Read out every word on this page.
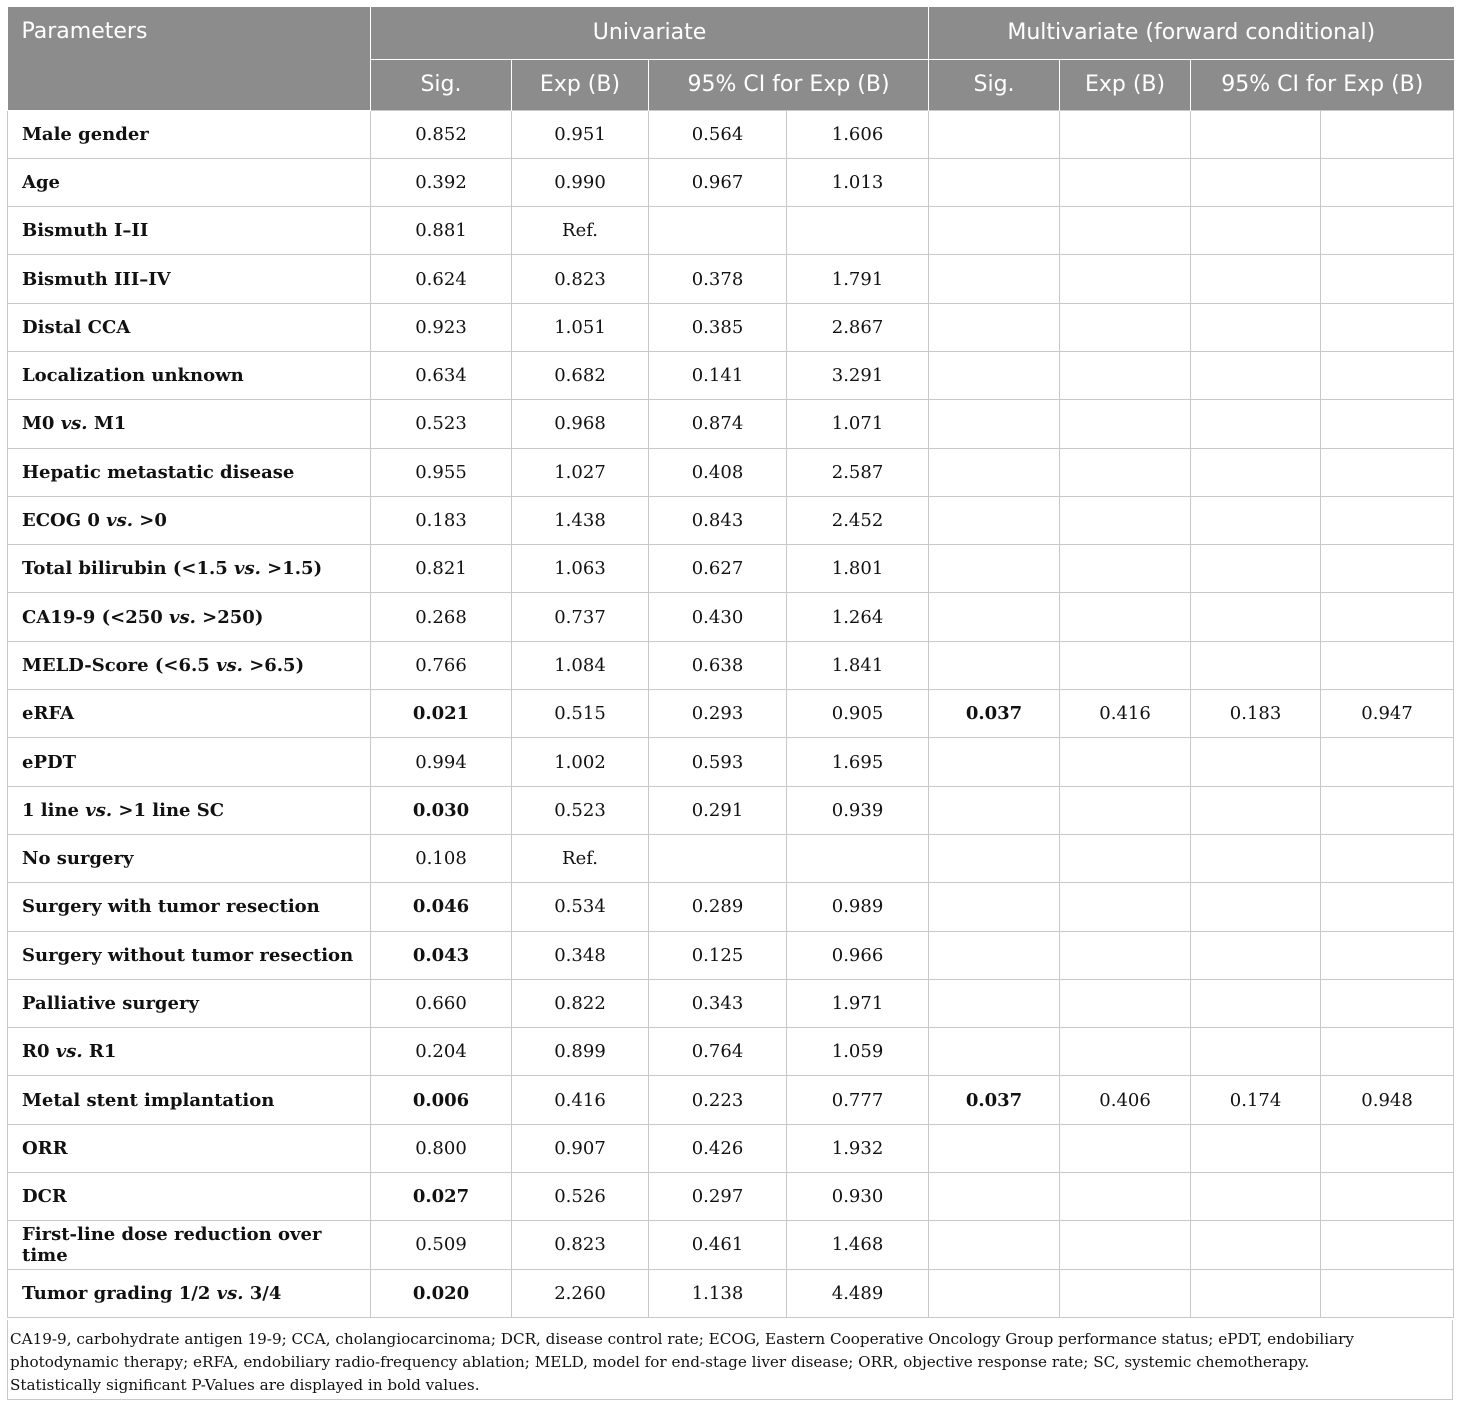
Parameters	Univariate				Multivariate (forward conditional)			
	Sig.	Exp (B)	95% CI for Exp (B)		Sig.	Exp (B)	95% CI for Exp (B)	
Male gender	0.852	0.951	0.564	1.606				
Age	0.392	0.990	0.967	1.013				
Bismuth I–II	0.881	Ref.						
Bismuth III–IV	0.624	0.823	0.378	1.791				
Distal CCA	0.923	1.051	0.385	2.867				
Localization unknown	0.634	0.682	0.141	3.291				
M0 vs. M1	0.523	0.968	0.874	1.071				
Hepatic metastatic disease	0.955	1.027	0.408	2.587				
ECOG 0 vs. >0	0.183	1.438	0.843	2.452				
Total bilirubin (<1.5 vs. >1.5)	0.821	1.063	0.627	1.801				
CA19-9 (<250 vs. >250)	0.268	0.737	0.430	1.264				
MELD-Score (<6.5 vs. >6.5)	0.766	1.084	0.638	1.841				
eRFA	0.021	0.515	0.293	0.905	0.037	0.416	0.183	0.947
ePDT	0.994	1.002	0.593	1.695				
1 line vs. >1 line SC	0.030	0.523	0.291	0.939				
No surgery	0.108	Ref.						
Surgery with tumor resection	0.046	0.534	0.289	0.989				
Surgery without tumor resection	0.043	0.348	0.125	0.966				
Palliative surgery	0.660	0.822	0.343	1.971				
R0 vs. R1	0.204	0.899	0.764	1.059				
Metal stent implantation	0.006	0.416	0.223	0.777	0.037	0.406	0.174	0.948
ORR	0.800	0.907	0.426	1.932				
DCR	0.027	0.526	0.297	0.930				
First-line dose reduction over time	0.509	0.823	0.461	1.468				
Tumor grading 1/2 vs. 3/4	0.020	2.260	1.138	4.489				
CA19-9, carbohydrate antigen 19-9; CCA, cholangiocarcinoma; DCR, disease control rate; ECOG, Eastern Cooperative Oncology Group performance status; ePDT, endobiliary photodynamic therapy; eRFA, endobiliary radio-frequency ablation; MELD, model for end-stage liver disease; ORR, objective response rate; SC, systemic chemotherapy.
Statistically significant P-Values are displayed in bold values.
